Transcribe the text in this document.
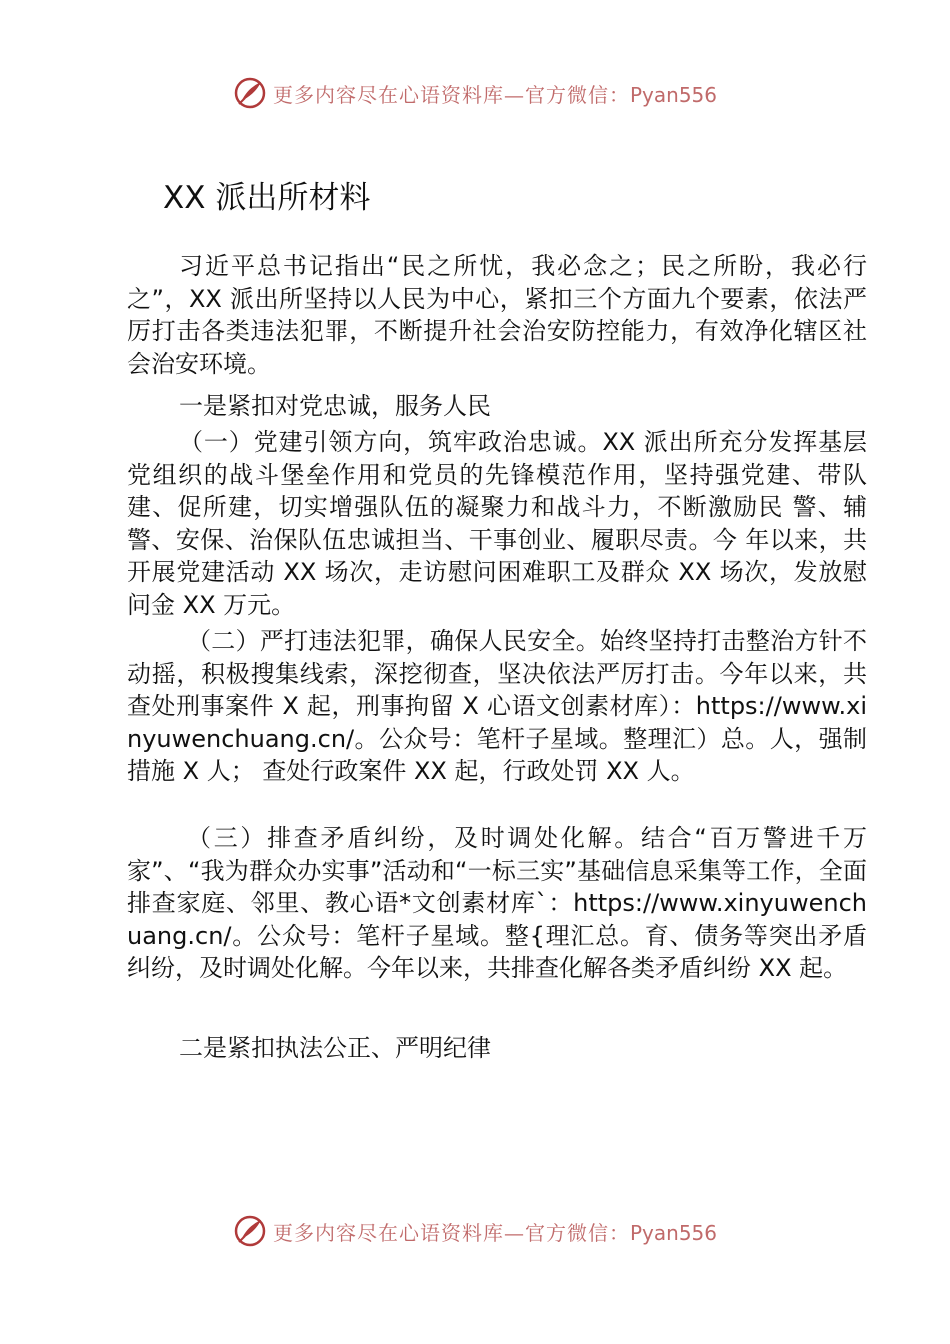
更多内容尽在心语资料库—官方微信：Pyan556
XX 派出所材料

习近平总书记指出“民之所忧，我必念之；民之所盼，我必行之”，XX 派出所坚持以人民为中心，紧扣三个方面九个要素，依法严厉打击各类违法犯罪，不断提升社会治安防控能力，有效净化辖区社会治安环境。

一是紧扣对党忠诚，服务人民

（一）党建引领方向，筑牢政治忠诚。XX 派出所充分发挥基层党组织的战斗堡垒作用和党员的先锋模范作用，坚持强党建、带队建、促所建，切实增强队伍的凝聚力和战斗力，不断激励民 警、辅警、安保、治保队伍忠诚担当、干事创业、履职尽责。今 年以来，共开展党建活动 XX 场次，走访慰问困难职工及群众 XX 场次，发放慰问金 XX 万元。

（二）严打违法犯罪，确保人民安全。始终坚持打击整治方针不动摇，积极搜集线索，深挖彻查，坚决依法严厉打击。今年以来，共查处刑事案件 X 起，刑事拘留 X 心语文创素材库）：https://www.xinyuwenchuang.cn/。公众号：笔杆子星域。整理汇）总。人，强制措施 X 人； 查处行政案件 XX 起，行政处罚 XX 人。

（三）排查矛盾纠纷，及时调处化解。结合“百万警进千万家”、“我为群众办实事”活动和“一标三实”基础信息采集等工作，全面排查家庭、邻里、教心语*文创素材库`：https://www.xinyuwenchuang.cn/。公众号：笔杆子星域。整{理汇总。育、债务等突出矛盾纠纷，及时调处化解。今年以来，共排查化解各类矛盾纠纷 XX 起。

二是紧扣执法公正、严明纪律

更多内容尽在心语资料库—官方微信：Pyan556
